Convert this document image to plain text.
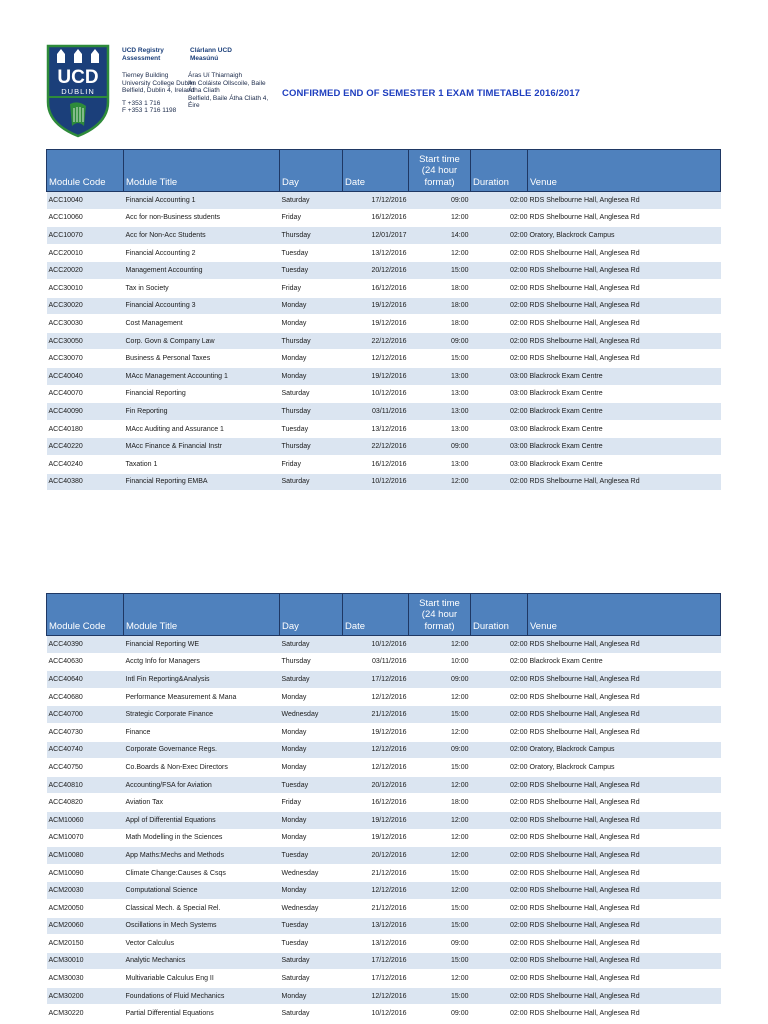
UCD
DUBLIN
UCD Registry
Assessment
Clárlann UCD
Measúnú
Tierney Building
University College Dublin
Belfield, Dublin 4, Ireland
T +353 1 716
F +353 1 716 1198
Áras Uí Thiarnaigh
An Coláiste Ollscoile, Baile
Átha Cliath
Belfield, Baile Átha Cliath 4,
Éire
CONFIRMED END OF SEMESTER 1 EXAM TIMETABLE 2016/2017
Module Code	Module Title	Day	Date	Start time
(24 hour
format)	Duration	Venue
ACC10040	Financial Accounting 1	Saturday	17/12/2016	09:00	02:00	RDS Shelbourne Hall, Anglesea Rd
ACC10060	Acc for non-Business students	Friday	16/12/2016	12:00	02:00	RDS Shelbourne Hall, Anglesea Rd
ACC10070	Acc for Non-Acc Students	Thursday	12/01/2017	14:00	02:00	Oratory, Blackrock Campus
ACC20010	Financial Accounting 2	Tuesday	13/12/2016	12:00	02:00	RDS Shelbourne Hall, Anglesea Rd
ACC20020	Management Accounting	Tuesday	20/12/2016	15:00	02:00	RDS Shelbourne Hall, Anglesea Rd
ACC30010	Tax in Society	Friday	16/12/2016	18:00	02:00	RDS Shelbourne Hall, Anglesea Rd
ACC30020	Financial Accounting 3	Monday	19/12/2016	18:00	02:00	RDS Shelbourne Hall, Anglesea Rd
ACC30030	Cost Management	Monday	19/12/2016	18:00	02:00	RDS Shelbourne Hall, Anglesea Rd
ACC30050	Corp. Govn & Company Law	Thursday	22/12/2016	09:00	02:00	RDS Shelbourne Hall, Anglesea Rd
ACC30070	Business & Personal Taxes	Monday	12/12/2016	15:00	02:00	RDS Shelbourne Hall, Anglesea Rd
ACC40040	MAcc Management Accounting 1	Monday	19/12/2016	13:00	03:00	Blackrock Exam Centre
ACC40070	Financial Reporting	Saturday	10/12/2016	13:00	03:00	Blackrock Exam Centre
ACC40090	Fin Reporting	Thursday	03/11/2016	13:00	02:00	Blackrock Exam Centre
ACC40180	MAcc Auditing and Assurance 1	Tuesday	13/12/2016	13:00	03:00	Blackrock Exam Centre
ACC40220	MAcc Finance & Financial Instr	Thursday	22/12/2016	09:00	03:00	Blackrock Exam Centre
ACC40240	Taxation 1	Friday	16/12/2016	13:00	03:00	Blackrock Exam Centre
ACC40380	Financial Reporting EMBA	Saturday	10/12/2016	12:00	02:00	RDS Shelbourne Hall, Anglesea Rd
Module Code	Module Title	Day	Date	Start time
(24 hour
format)	Duration	Venue
ACC40390	Financial Reporting WE	Saturday	10/12/2016	12:00	02:00	RDS Shelbourne Hall, Anglesea Rd
ACC40630	Acctg Info for Managers	Thursday	03/11/2016	10:00	02:00	Blackrock Exam Centre
ACC40640	Intl Fin Reporting&Analysis	Saturday	17/12/2016	09:00	02:00	RDS Shelbourne Hall, Anglesea Rd
ACC40680	Performance Measurement & Mana	Monday	12/12/2016	12:00	02:00	RDS Shelbourne Hall, Anglesea Rd
ACC40700	Strategic Corporate Finance	Wednesday	21/12/2016	15:00	02:00	RDS Shelbourne Hall, Anglesea Rd
ACC40730	Finance	Monday	19/12/2016	12:00	02:00	RDS Shelbourne Hall, Anglesea Rd
ACC40740	Corporate Governance Regs.	Monday	12/12/2016	09:00	02:00	Oratory, Blackrock Campus
ACC40750	Co.Boards & Non-Exec Directors	Monday	12/12/2016	15:00	02:00	Oratory, Blackrock Campus
ACC40810	Accounting/FSA for Aviation	Tuesday	20/12/2016	12:00	02:00	RDS Shelbourne Hall, Anglesea Rd
ACC40820	Aviation Tax	Friday	16/12/2016	18:00	02:00	RDS Shelbourne Hall, Anglesea Rd
ACM10060	Appl of Differential Equations	Monday	19/12/2016	12:00	02:00	RDS Shelbourne Hall, Anglesea Rd
ACM10070	Math Modelling in the Sciences	Monday	19/12/2016	12:00	02:00	RDS Shelbourne Hall, Anglesea Rd
ACM10080	App Maths:Mechs and Methods	Tuesday	20/12/2016	12:00	02:00	RDS Shelbourne Hall, Anglesea Rd
ACM10090	Climate Change:Causes & Csqs	Wednesday	21/12/2016	15:00	02:00	RDS Shelbourne Hall, Anglesea Rd
ACM20030	Computational Science	Monday	12/12/2016	12:00	02:00	RDS Shelbourne Hall, Anglesea Rd
ACM20050	Classical Mech. & Special Rel.	Wednesday	21/12/2016	15:00	02:00	RDS Shelbourne Hall, Anglesea Rd
ACM20060	Oscillations in Mech Systems	Tuesday	13/12/2016	15:00	02:00	RDS Shelbourne Hall, Anglesea Rd
ACM20150	Vector Calculus	Tuesday	13/12/2016	09:00	02:00	RDS Shelbourne Hall, Anglesea Rd
ACM30010	Analytic Mechanics	Saturday	17/12/2016	15:00	02:00	RDS Shelbourne Hall, Anglesea Rd
ACM30030	Multivariable Calculus Eng II	Saturday	17/12/2016	12:00	02:00	RDS Shelbourne Hall, Anglesea Rd
ACM30200	Foundations of Fluid Mechanics	Monday	12/12/2016	15:00	02:00	RDS Shelbourne Hall, Anglesea Rd
ACM30220	Partial Differential Equations	Saturday	10/12/2016	09:00	02:00	RDS Shelbourne Hall, Anglesea Rd
